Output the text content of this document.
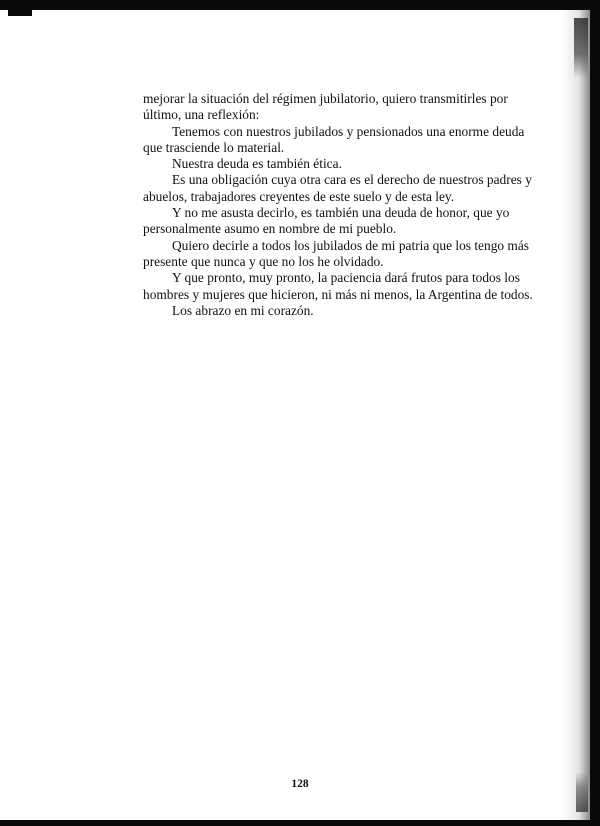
mejorar la situación del régimen jubilatorio, quiero transmitirles por último, una reflexión:

Tenemos con nuestros jubilados y pensionados una enorme deuda que trasciende lo material.

Nuestra deuda es también ética.

Es una obligación cuya otra cara es el derecho de nuestros padres y abuelos, trabajadores creyentes de este suelo y de esta ley.

Y no me asusta decirlo, es también una deuda de honor, que yo personalmente asumo en nombre de mi pueblo.

Quiero decirle a todos los jubilados de mi patria que los tengo más presente que nunca y que no los he olvidado.

Y que pronto, muy pronto, la paciencia dará frutos para todos los hombres y mujeres que hicieron, ni más ni menos, la Argentina de todos.

Los abrazo en mi corazón.

128
